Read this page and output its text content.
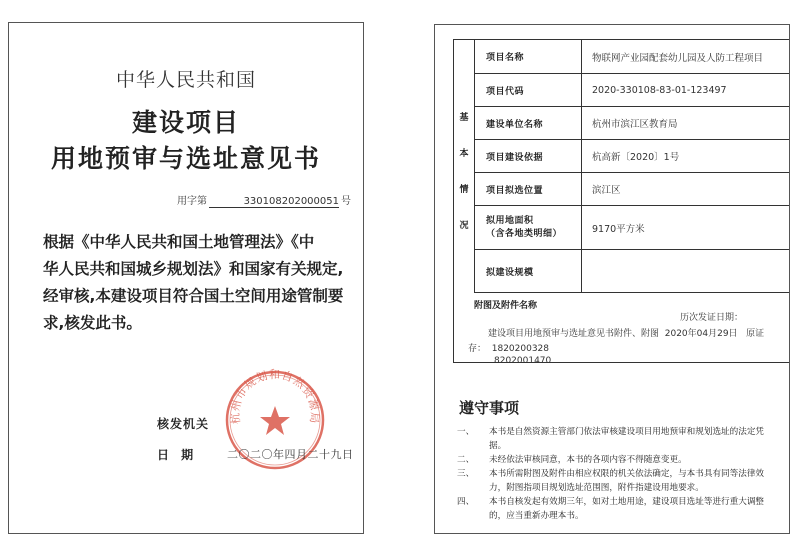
中华人民共和国
建设项目
用地预审与选址意见书
用字第	330108202000051 号
根据《中华人民共和国土地管理法》《中
华人民共和国城乡规划法》和国家有关规定,
经审核,本建设项目符合国土空间用途管制要
求,核发此书。
杭州市规划和自然资源局
核发机关
日 期	二〇二〇年四月二十九日
基
本
情
况
项目名称	物联网产业园配套幼儿园及人防工程项目
项目代码	2020-330108-83-01-123497
建设单位名称	杭州市滨江区教育局
项目建设依据	杭高新〔2020〕1号
项目拟选位置	滨江区
拟用地面积
（含各地类明细）	9170平方米
拟建设规模
附图及附件名称
历次发证日期：
建设项目用地预审与选址意见书附件、附图 2020年04月29日 原证
存： 1820200328
8202001470
遵守事项
一、	本书是自然资源主管部门依法审核建设项目用地预审和规划选址的法定凭据。
二、	未经依法审核同意，本书的各项内容不得随意变更。
三、	本书所需附图及附件由相应权限的机关依法确定，与本书具有同等法律效力，附图指项目规划选址范围图，附件指建设用地要求。
四、	本书自核发起有效期三年，如对土地用途，建设项目选址等进行重大调整的，应当重新办理本书。
